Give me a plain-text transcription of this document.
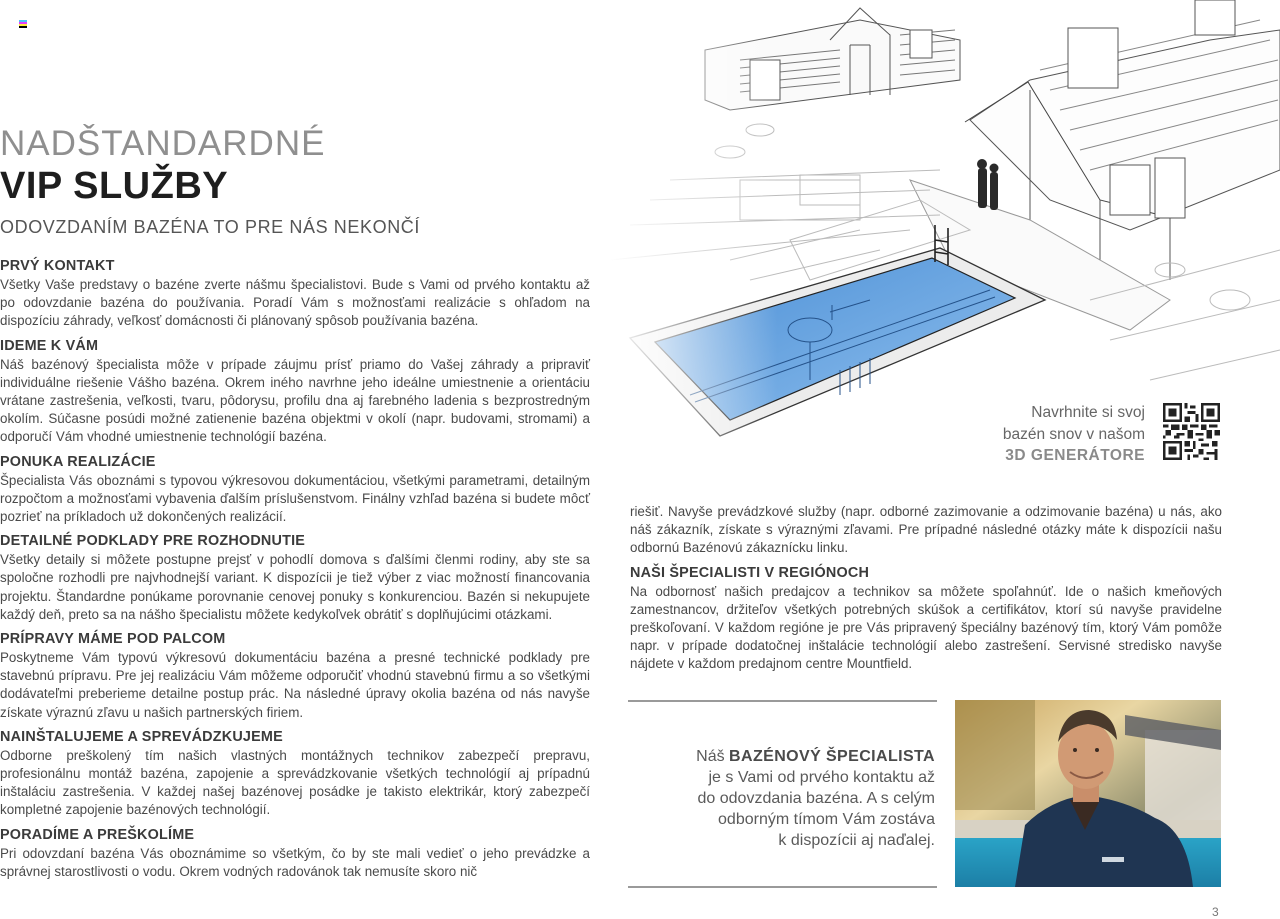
NADŠTANDARDNÉ
VIP SLUŽBY
ODOVZDANÍM BAZÉNA TO PRE NÁS NEKONČÍ
PRVÝ KONTAKT

Všetky Vaše predstavy o bazéne zverte nášmu špecialistovi. Bude s Vami od prvého kontaktu až po odovzdanie bazéna do používania. Poradí Vám s možnosťami realizácie s ohľadom na dispozíciu záhrady, veľkosť domácnosti či plánovaný spôsob používania bazéna.

IDEME K VÁM

Náš bazénový špecialista môže v prípade záujmu prísť priamo do Vašej záhrady a pripraviť individuálne riešenie Vášho bazéna. Okrem iného navrhne jeho ideálne umiestnenie a orientáciu vrátane zastrešenia, veľkosti, tvaru, pôdorysu, profilu dna aj farebného ladenia s bezprostredným okolím. Súčasne posúdi možné zatienenie bazéna objektmi v okolí (napr. budovami, stromami) a odporučí Vám vhodné umiestnenie technológií bazéna.

PONUKA REALIZÁCIE

Špecialista Vás oboznámi s typovou výkresovou dokumentáciou, všetkými parametrami, detailným rozpočtom a možnosťami vybavenia ďalším príslušenstvom. Finálny vzhľad bazéna si budete môcť pozrieť na príkladoch už dokončených realizácií.

DETAILNÉ PODKLADY PRE ROZHODNUTIE

Všetky detaily si môžete postupne prejsť v pohodlí domova s ďalšími členmi rodiny, aby ste sa spoločne rozhodli pre najvhodnejší variant. K dispozícii je tiež výber z viac možností financovania projektu. Štandardne ponúkame porovnanie cenovej ponuky s konkurenciou. Bazén si nekupujete každý deň, preto sa na nášho špecialistu môžete kedykoľvek obrátiť s doplňujúcimi otázkami.

PRÍPRAVY MÁME POD PALCOM

Poskytneme Vám typovú výkresovú dokumentáciu bazéna a presné technické podklady pre stavebnú prípravu. Pre jej realizáciu Vám môžeme odporučiť vhodnú stavebnú firmu a so všetkými dodávateľmi preberieme detailne postup prác. Na následné úpravy okolia bazéna od nás navyše získate výraznú zľavu u našich partnerských firiem.

NAINŠTALUJEME A SPREVÁDZKUJEME

Odborne preškolený tím našich vlastných montážnych technikov zabezpečí prepravu, profesionálnu montáž bazéna, zapojenie a sprevádzkovanie všetkých technológií aj prípadnú inštaláciu zastrešenia. V každej našej bazénovej posádke je takisto elektrikár, ktorý zabezpečí kompletné zapojenie bazénových technológií.

PORADÍME A PREŠKOLÍME

Pri odovzdaní bazéna Vás oboznámime so všetkým, čo by ste mali vedieť o jeho prevádzke a správnej starostlivosti o vodu. Okrem vodných radovánok tak nemusíte skoro nič

Navrhnite si svoj
bazén snov v našom
3D GENERÁTORE

riešiť. Navyše prevádzkové služby (napr. odborné zazimovanie a odzimovanie bazéna) u nás, ako náš zákazník, získate s výraznými zľavami. Pre prípadné následné otázky máte k dispozícii našu odbornú Bazénovú zákaznícku linku.

NAŠI ŠPECIALISTI V REGIÓNOCH

Na odbornosť našich predajcov a technikov sa môžete spoľahnúť. Ide o našich kmeňových zamestnancov, držiteľov všetkých potrebných skúšok a certifikátov, ktorí sú navyše pravidelne preškoľovaní. V každom regióne je pre Vás pripravený špeciálny bazénový tím, ktorý Vám pomôže napr. v prípade dodatočnej inštalácie technológií alebo zastrešení. Servisné stredisko navyše nájdete v každom predajnom centre Mountfield.

Náš BAZÉNOVÝ ŠPECIALISTA
je s Vami od prvého kontaktu až
do odovzdania bazéna. A s celým
odborným tímom Vám zostáva
k dispozícii aj naďalej.
3
